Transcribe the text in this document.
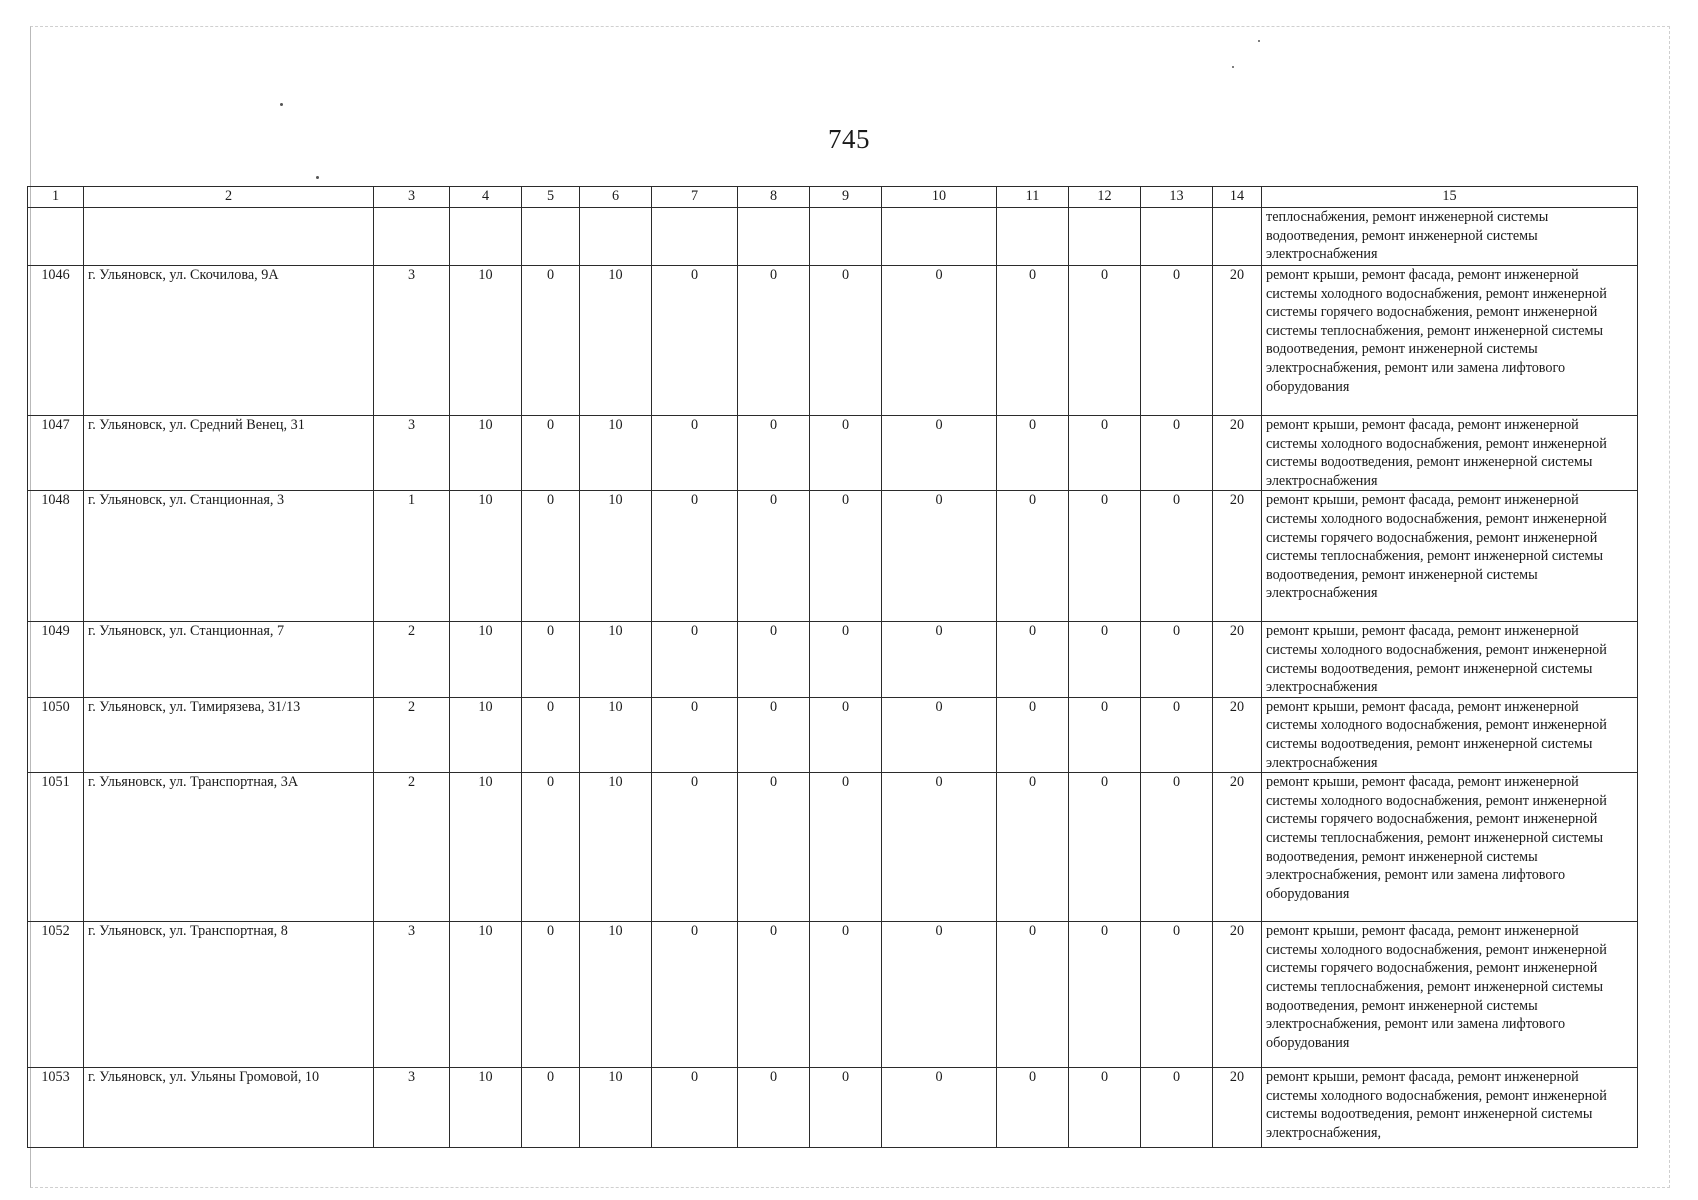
745
1	2	3	4	5	6	7	8	9	10	11	12	13	14	15
														теплоснабжения, ремонт инженерной системы водоотведения, ремонт инженерной системы электроснабжения
1046	г. Ульяновск, ул. Скочилова, 9А	3	10	0	10	0	0	0	0	0	0	0	20	ремонт крыши, ремонт фасада, ремонт инженерной системы холодного водоснабжения, ремонт инженерной системы горячего водоснабжения, ремонт инженерной системы теплоснабжения, ремонт инженерной системы водоотведения, ремонт инженерной системы электроснабжения, ремонт или замена лифтового оборудования
1047	г. Ульяновск, ул. Средний Венец, 31	3	10	0	10	0	0	0	0	0	0	0	20	ремонт крыши, ремонт фасада, ремонт инженерной системы холодного водоснабжения, ремонт инженерной системы водоотведения, ремонт инженерной системы электроснабжения
1048	г. Ульяновск, ул. Станционная, 3	1	10	0	10	0	0	0	0	0	0	0	20	ремонт крыши, ремонт фасада, ремонт инженерной системы холодного водоснабжения, ремонт инженерной системы горячего водоснабжения, ремонт инженерной системы теплоснабжения, ремонт инженерной системы водоотведения, ремонт инженерной системы электроснабжения
1049	г. Ульяновск, ул. Станционная, 7	2	10	0	10	0	0	0	0	0	0	0	20	ремонт крыши, ремонт фасада, ремонт инженерной системы холодного водоснабжения, ремонт инженерной системы водоотведения, ремонт инженерной системы электроснабжения
1050	г. Ульяновск, ул. Тимирязева, 31/13	2	10	0	10	0	0	0	0	0	0	0	20	ремонт крыши, ремонт фасада, ремонт инженерной системы холодного водоснабжения, ремонт инженерной системы водоотведения, ремонт инженерной системы электроснабжения
1051	г. Ульяновск, ул. Транспортная, 3А	2	10	0	10	0	0	0	0	0	0	0	20	ремонт крыши, ремонт фасада, ремонт инженерной системы холодного водоснабжения, ремонт инженерной системы горячего водоснабжения, ремонт инженерной системы теплоснабжения, ремонт инженерной системы водоотведения, ремонт инженерной системы электроснабжения, ремонт или замена лифтового оборудования
1052	г. Ульяновск, ул. Транспортная, 8	3	10	0	10	0	0	0	0	0	0	0	20	ремонт крыши, ремонт фасада, ремонт инженерной системы холодного водоснабжения, ремонт инженерной системы горячего водоснабжения, ремонт инженерной системы теплоснабжения, ремонт инженерной системы водоотведения, ремонт инженерной системы электроснабжения, ремонт или замена лифтового оборудования
1053	г. Ульяновск, ул. Ульяны Громовой, 10	3	10	0	10	0	0	0	0	0	0	0	20	ремонт крыши, ремонт фасада, ремонт инженерной системы холодного водоснабжения, ремонт инженерной системы водоотведения, ремонт инженерной системы электроснабжения,
